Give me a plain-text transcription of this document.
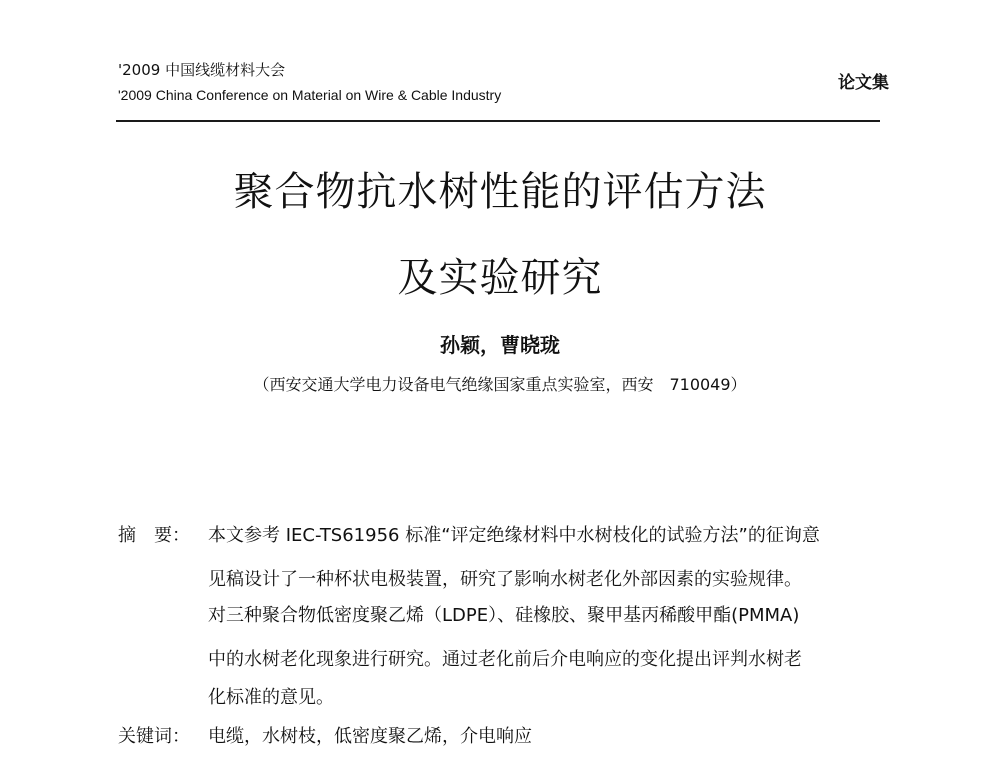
'2009 中国线缆材料大会
'2009 China Conference on Material on Wire & Cable Industry
论文集
聚合物抗水树性能的评估方法
及实验研究
孙颖，曹晓珑
（西安交通大学电力设备电气绝缘国家重点实验室，西安　710049）
摘　要： 本文参考 IEC-TS61956 标准“评定绝缘材料中水树枝化的试验方法”的征询意
见稿设计了一种杯状电极装置，研究了影响水树老化外部因素的实验规律。
对三种聚合物低密度聚乙烯（LDPE）、硅橡胶、聚甲基丙稀酸甲酯(PMMA)
中的水树老化现象进行研究。通过老化前后介电响应的变化提出评判水树老
化标准的意见。
关键词： 电缆，水树枝，低密度聚乙烯，介电响应
